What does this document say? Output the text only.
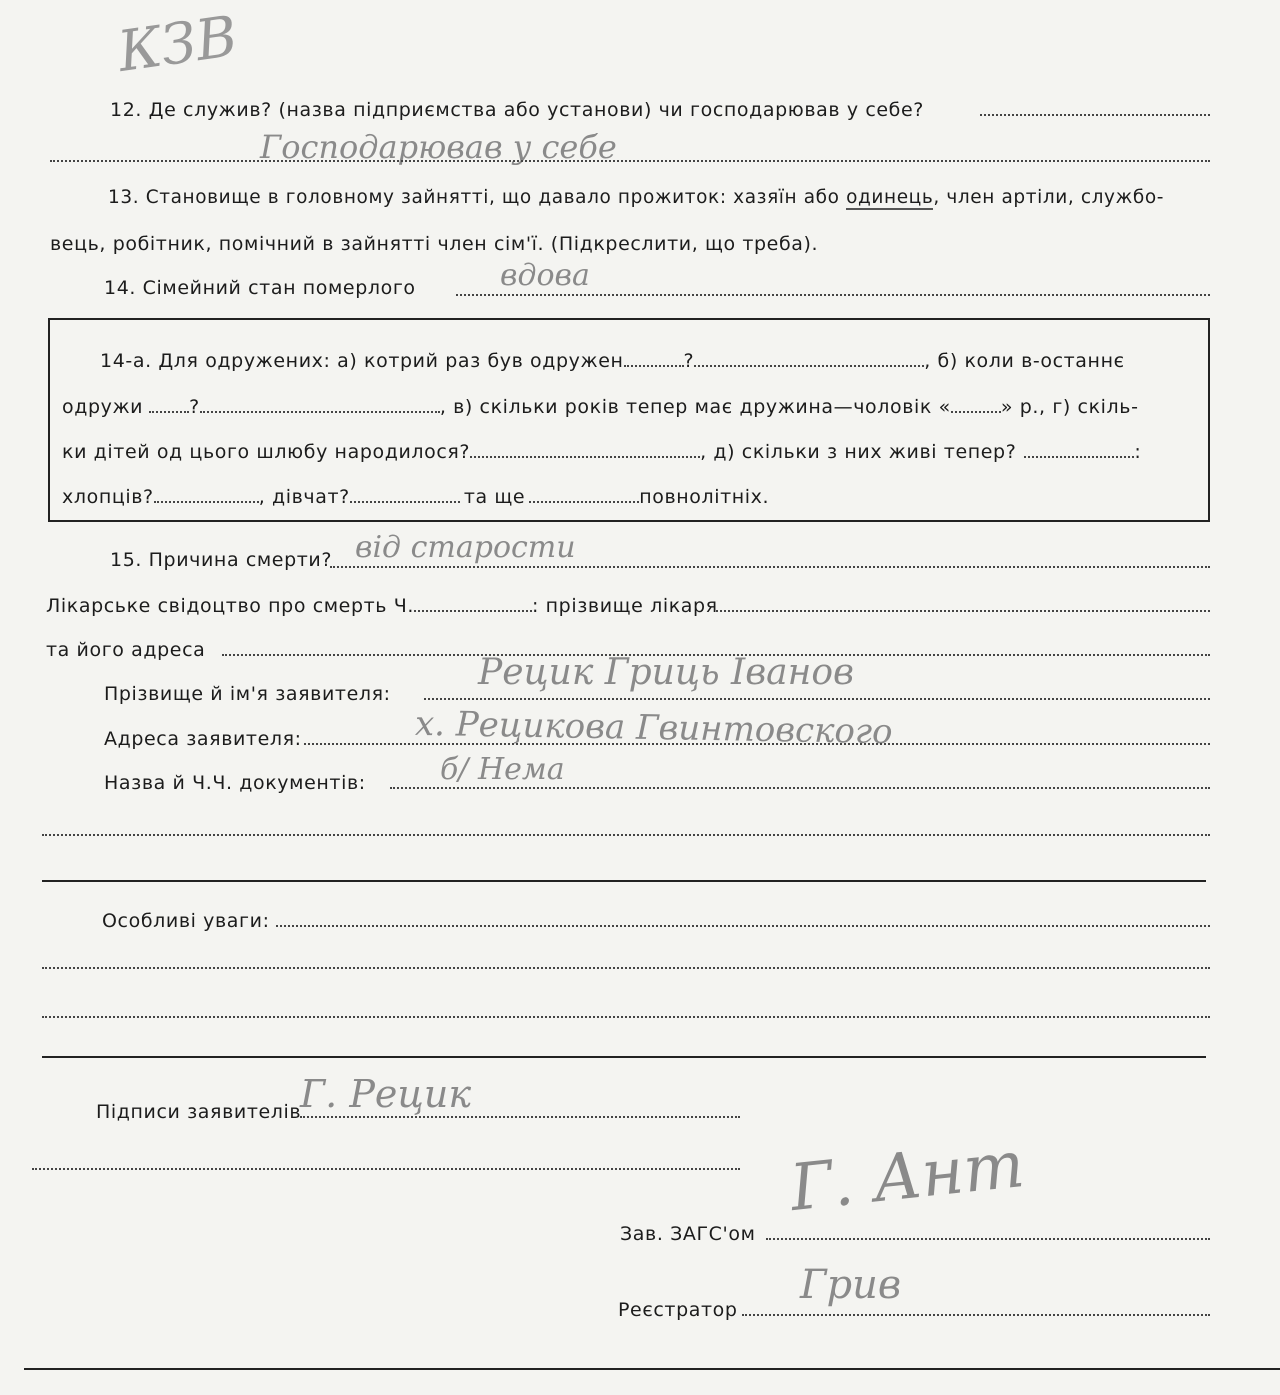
КЗВ
12. Де служив? (назва підприємства або установи) чи господарював у себе?
Господарював у себе
13. Становище в головному зайнятті, що давало прожиток: хазяїн або одинець, член артіли, службо-
вець, робітник, помічний в зайнятті член сім'ї. (Підкреслити, що треба).
14. Сімейний стан померлого	вдова
14-а. Для одружених: а) котрий раз був одружен	?	, б) коли в-останнє
одружи ?	, в) скільки років тепер має дружина—чоловік «	» р., г) скіль-
ки дітей од цього шлюбу народилося?	, д) скільки з них живі тепер?	:
хлопців?	, дівчат?	та ще	повнолітніх.
15. Причина смерти? від старости
Лікарське свідоцтво про смерть Ч.	: прізвище лікаря
та його адреса
Прізвище й ім'я заявителя:
Рецик Гриць Іванов
Адреса заявителя:	х. Рецикова Гвинтовского
Назва й Ч.Ч. документів: б/ Нема
Особливі уваги:
Підписи заявителів
Г. Рецик
Зав. ЗАГС'ом
Г. Ант
Реєстратор
Грив
